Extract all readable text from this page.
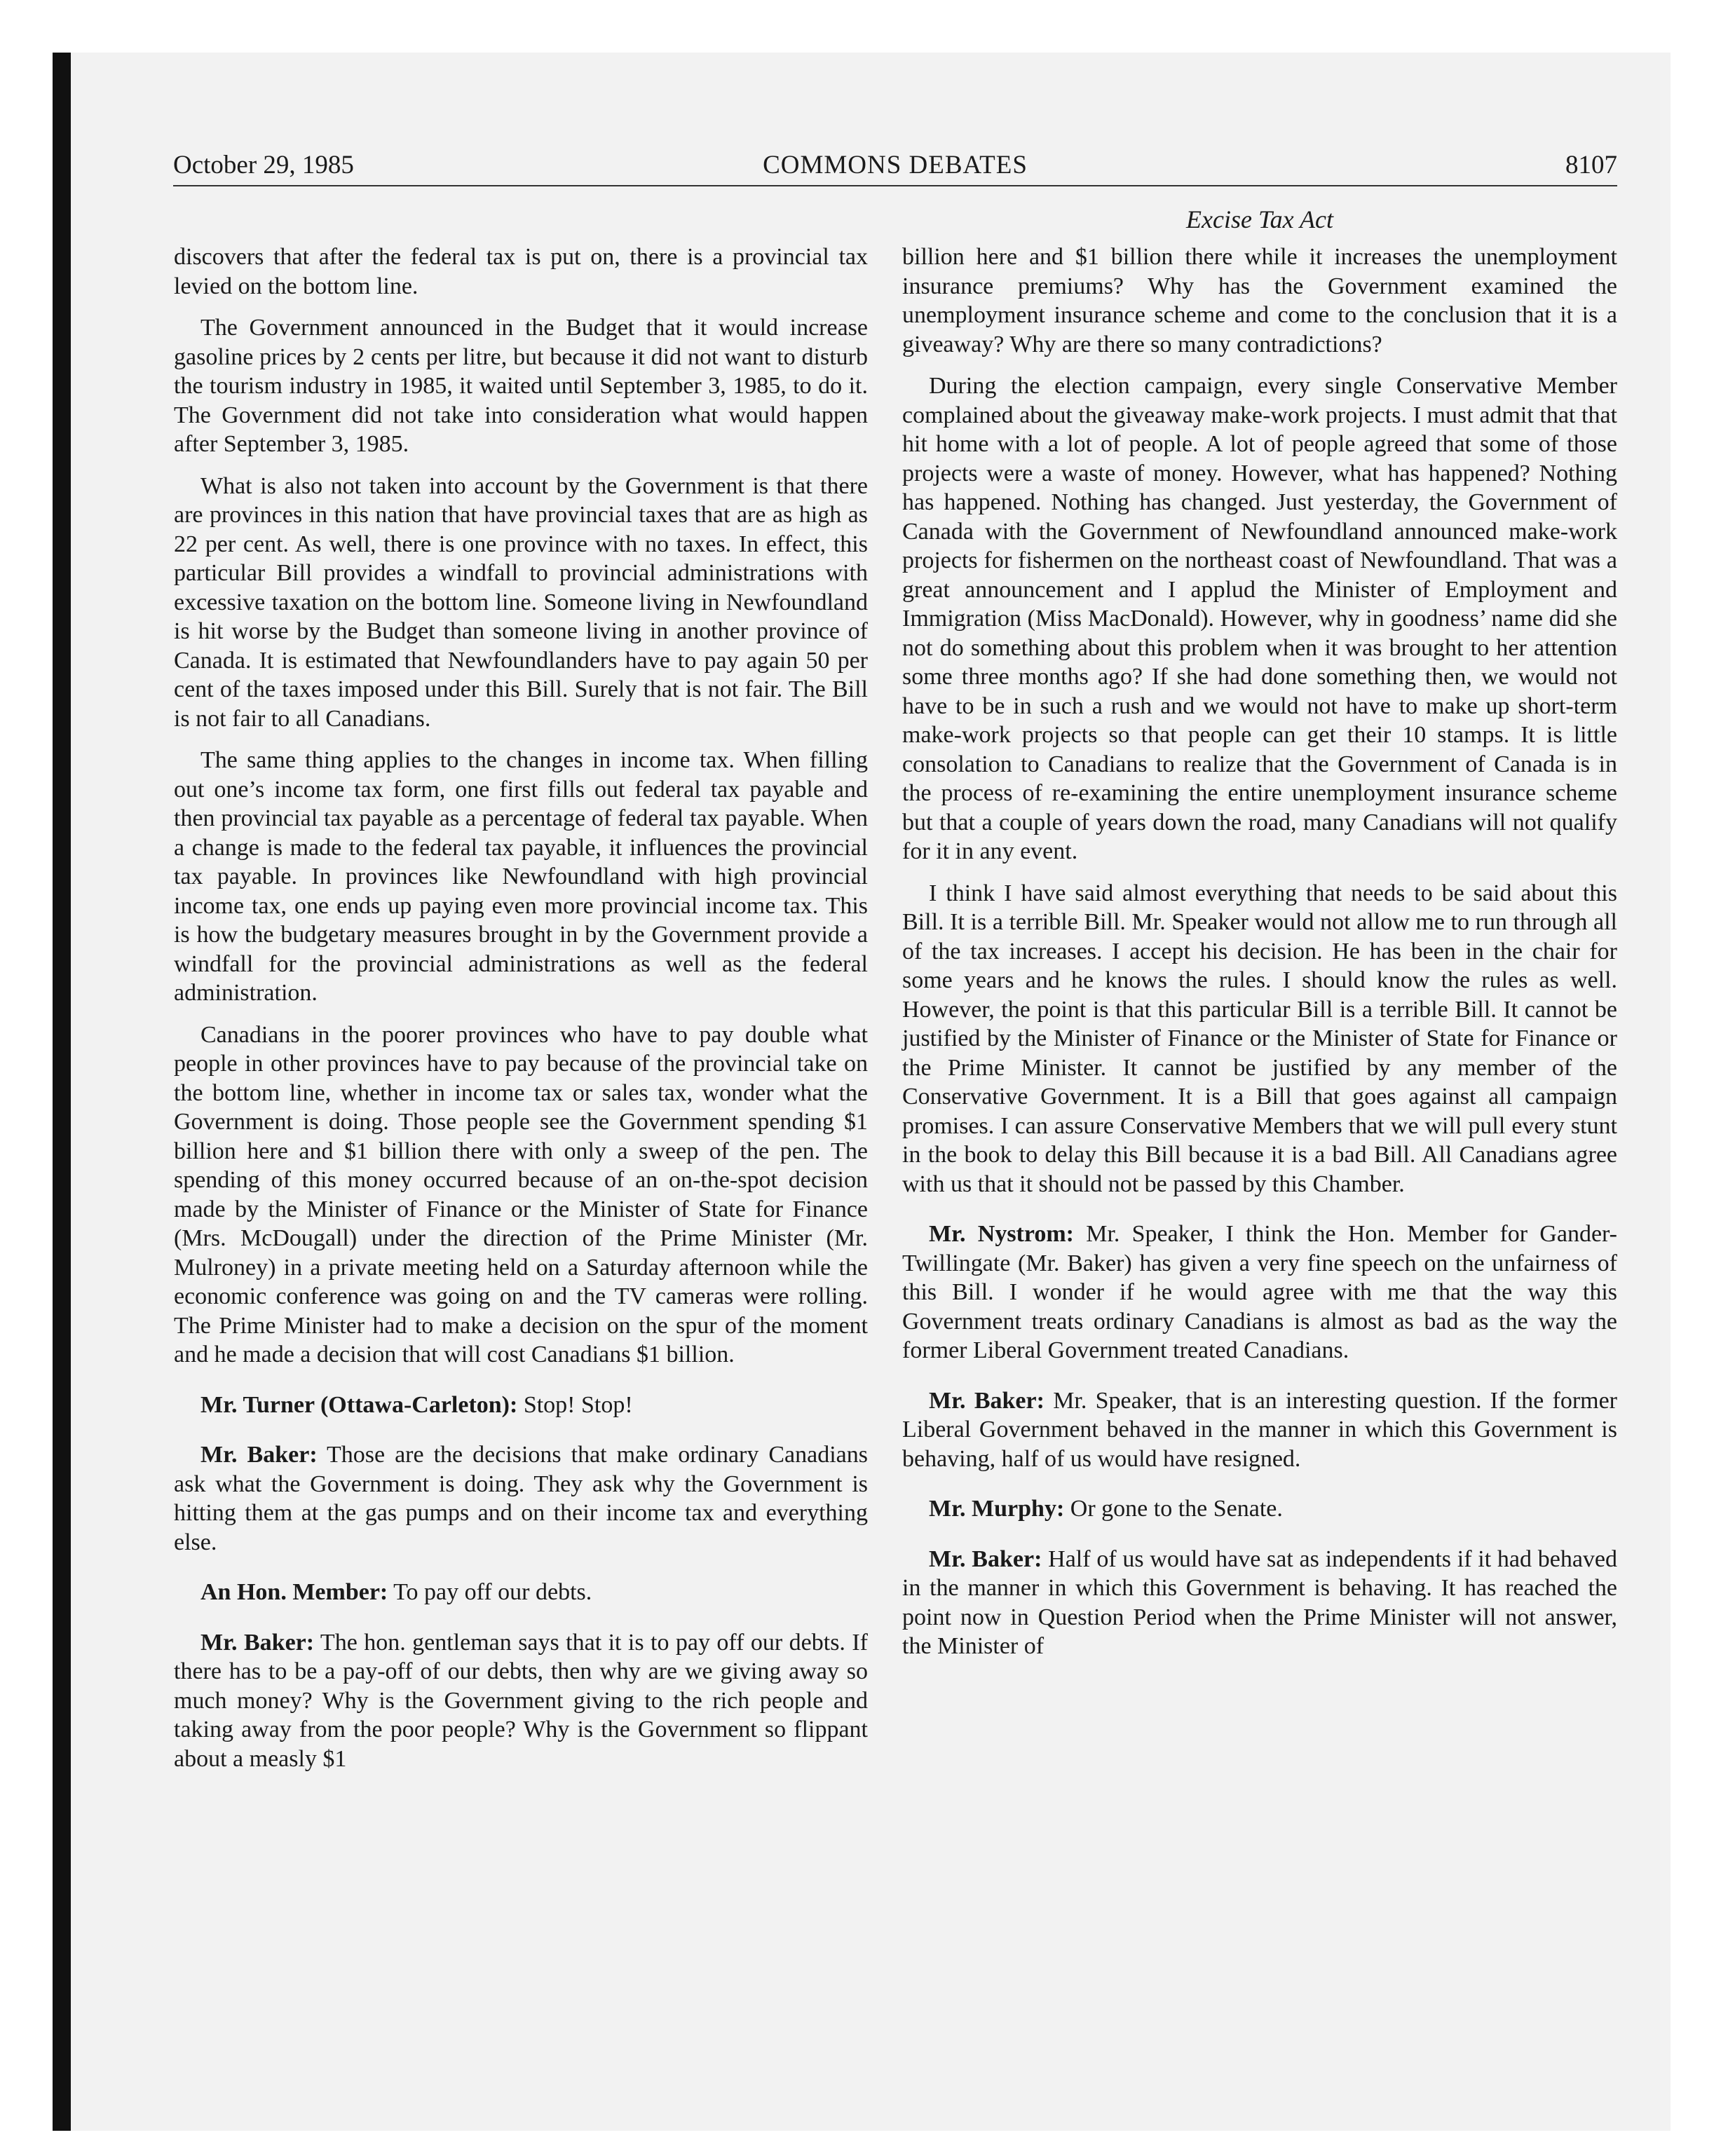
October 29, 1985	COMMONS DEBATES	8107
Excise Tax Act

discovers that after the federal tax is put on, there is a provincial tax levied on the bottom line.

The Government announced in the Budget that it would increase gasoline prices by 2 cents per litre, but because it did not want to disturb the tourism industry in 1985, it waited until September 3, 1985, to do it. The Government did not take into consideration what would happen after September 3, 1985.

What is also not taken into account by the Government is that there are provinces in this nation that have provincial taxes that are as high as 22 per cent. As well, there is one province with no taxes. In effect, this particular Bill provides a windfall to provincial administrations with excessive taxation on the bottom line. Someone living in Newfoundland is hit worse by the Budget than someone living in another province of Canada. It is estimated that Newfoundlanders have to pay again 50 per cent of the taxes imposed under this Bill. Surely that is not fair. The Bill is not fair to all Canadians.

The same thing applies to the changes in income tax. When filling out one’s income tax form, one first fills out federal tax payable and then provincial tax payable as a percentage of federal tax payable. When a change is made to the federal tax payable, it influences the provincial tax payable. In provinces like Newfoundland with high provincial income tax, one ends up paying even more provincial income tax. This is how the budgetary measures brought in by the Government provide a windfall for the provincial administrations as well as the federal administration.

Canadians in the poorer provinces who have to pay double what people in other provinces have to pay because of the provincial take on the bottom line, whether in income tax or sales tax, wonder what the Government is doing. Those people see the Government spending $1 billion here and $1 billion there with only a sweep of the pen. The spending of this money occurred because of an on-the-spot decision made by the Minister of Finance or the Minister of State for Finance (Mrs. McDougall) under the direction of the Prime Minister (Mr. Mulroney) in a private meeting held on a Saturday afternoon while the economic conference was going on and the TV cameras were rolling. The Prime Minister had to make a decision on the spur of the moment and he made a decision that will cost Canadians $1 billion.

Mr. Turner (Ottawa-Carleton): Stop! Stop!

Mr. Baker: Those are the decisions that make ordinary Canadians ask what the Government is doing. They ask why the Government is hitting them at the gas pumps and on their income tax and everything else.

An Hon. Member: To pay off our debts.

Mr. Baker: The hon. gentleman says that it is to pay off our debts. If there has to be a pay-off of our debts, then why are we giving away so much money? Why is the Government giving to the rich people and taking away from the poor people? Why is the Government so flippant about a measly $1

billion here and $1 billion there while it increases the unemployment insurance premiums? Why has the Government examined the unemployment insurance scheme and come to the conclusion that it is a giveaway? Why are there so many contradictions?

During the election campaign, every single Conservative Member complained about the giveaway make-work projects. I must admit that that hit home with a lot of people. A lot of people agreed that some of those projects were a waste of money. However, what has happened? Nothing has happened. Nothing has changed. Just yesterday, the Government of Canada with the Government of Newfoundland announced make-work projects for fishermen on the northeast coast of Newfoundland. That was a great announcement and I applud the Minister of Employment and Immigration (Miss MacDonald). However, why in goodness’ name did she not do something about this problem when it was brought to her attention some three months ago? If she had done something then, we would not have to be in such a rush and we would not have to make up short-term make-work projects so that people can get their 10 stamps. It is little consolation to Canadians to realize that the Government of Canada is in the process of re-examining the entire unemployment insurance scheme but that a couple of years down the road, many Canadians will not qualify for it in any event.

I think I have said almost everything that needs to be said about this Bill. It is a terrible Bill. Mr. Speaker would not allow me to run through all of the tax increases. I accept his decision. He has been in the chair for some years and he knows the rules. I should know the rules as well. However, the point is that this particular Bill is a terrible Bill. It cannot be justified by the Minister of Finance or the Minister of State for Finance or the Prime Minister. It cannot be justified by any member of the Conservative Government. It is a Bill that goes against all campaign promises. I can assure Conservative Members that we will pull every stunt in the book to delay this Bill because it is a bad Bill. All Canadians agree with us that it should not be passed by this Chamber.

Mr. Nystrom: Mr. Speaker, I think the Hon. Member for Gander-Twillingate (Mr. Baker) has given a very fine speech on the unfairness of this Bill. I wonder if he would agree with me that the way this Government treats ordinary Canadians is almost as bad as the way the former Liberal Government treated Canadians.

Mr. Baker: Mr. Speaker, that is an interesting question. If the former Liberal Government behaved in the manner in which this Government is behaving, half of us would have resigned.

Mr. Murphy: Or gone to the Senate.

Mr. Baker: Half of us would have sat as independents if it had behaved in the manner in which this Government is behaving. It has reached the point now in Question Period when the Prime Minister will not answer, the Minister of
